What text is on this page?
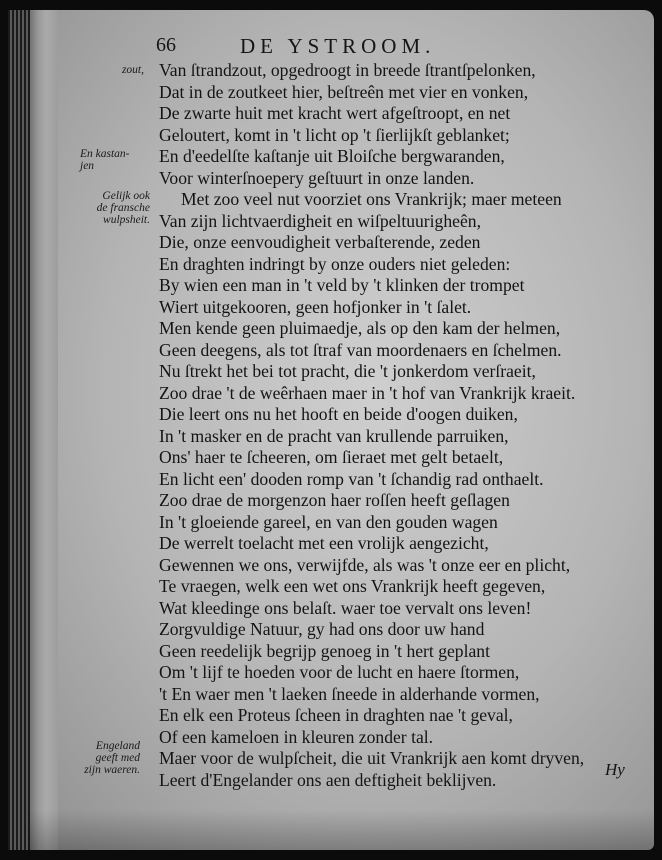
66	DE YSTROOM.
zout,
En kastan-
jen
Gelijk ook
de fransche
wulpsheit.
Engeland
geeft med
zijn waeren.
Van ſtrandzout, opgedroogt in breede ſtrantſpelonken,
Dat in de zoutkeet hier, beſtreên met vier en vonken,
De zwarte huit met kracht wert afgeſtroopt, en net
Geloutert, komt in 't licht op 't ſierlijkſt geblanket;
En d'eedelſte kaſtanje uit Bloiſche bergwaranden,
Voor winterſnoepery geſtuurt in onze landen.
Met zoo veel nut voorziet ons Vrankrijk; maer meteen
Van zijn lichtvaerdigheit en wiſpeltuurigheên,
Die, onze eenvoudigheit verbaſterende, zeden
En draghten indringt by onze ouders niet geleden:
By wien een man in 't veld by 't klinken der trompet
Wiert uitgekooren, geen hofjonker in 't ſalet.
Men kende geen pluimaedje, als op den kam der helmen,
Geen deegens, als tot ſtraf van moordenaers en ſchelmen.
Nu ſtrekt het bei tot pracht, die 't jonkerdom verſraeit,
Zoo drae 't de weêrhaen maer in 't hof van Vrankrijk kraeit.
Die leert ons nu het hooft en beide d'oogen duiken,
In 't masker en de pracht van krullende parruiken,
Ons' haer te ſcheeren, om ſieraet met gelt betaelt,
En licht een' dooden romp van 't ſchandig rad onthaelt.
Zoo drae de morgenzon haer roſſen heeft geſlagen
In 't gloeiende gareel, en van den gouden wagen
De werrelt toelacht met een vrolijk aengezicht,
Gewennen we ons, verwijfde, als was 't onze eer en plicht,
Te vraegen, welk een wet ons Vrankrijk heeft gegeven,
Wat kleedinge ons belaſt. waer toe vervalt ons leven!
Zorgvuldige Natuur, gy had ons door uw hand
Geen reedelijk begrijp genoeg in 't hert geplant
Om 't lijf te hoeden voor de lucht en haere ſtormen,
't En waer men 't laeken ſneede in alderhande vormen,
En elk een Proteus ſcheen in draghten nae 't geval,
Of een kameloen in kleuren zonder tal.
Maer voor de wulpſcheit, die uit Vrankrijk aen komt dryven,
Leert d'Engelander ons aen deftigheit beklijven.	Hy
